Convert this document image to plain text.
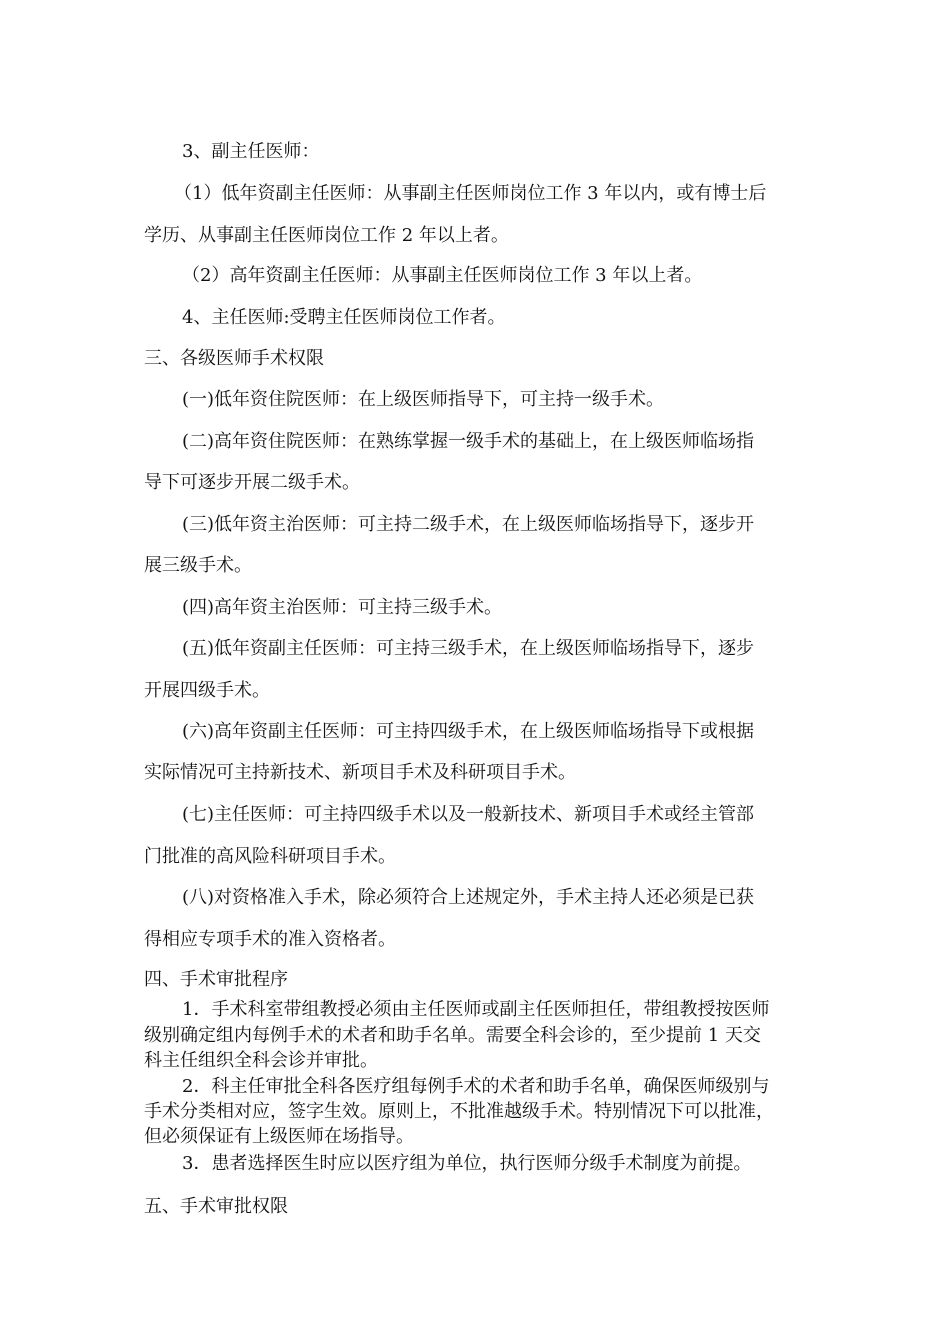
3、副主任医师：
（1）低年资副主任医师：从事副主任医师岗位工作 3 年以内，或有博士后
学历、从事副主任医师岗位工作 2 年以上者。
（2）高年资副主任医师：从事副主任医师岗位工作 3 年以上者。
4、主任医师:受聘主任医师岗位工作者。
三、各级医师手术权限
(一)低年资住院医师：在上级医师指导下，可主持一级手术。
(二)高年资住院医师：在熟练掌握一级手术的基础上，在上级医师临场指
导下可逐步开展二级手术。
(三)低年资主治医师：可主持二级手术，在上级医师临场指导下，逐步开
展三级手术。
(四)高年资主治医师：可主持三级手术。
(五)低年资副主任医师：可主持三级手术，在上级医师临场指导下，逐步
开展四级手术。
(六)高年资副主任医师：可主持四级手术，在上级医师临场指导下或根据
实际情况可主持新技术、新项目手术及科研项目手术。
(七)主任医师：可主持四级手术以及一般新技术、新项目手术或经主管部
门批准的高风险科研项目手术。
(八)对资格准入手术，除必须符合上述规定外，手术主持人还必须是已获
得相应专项手术的准入资格者。
四、手术审批程序
1．手术科室带组教授必须由主任医师或副主任医师担任，带组教授按医师
级别确定组内每例手术的术者和助手名单。需要全科会诊的，至少提前 1 天交
科主任组织全科会诊并审批。
2．科主任审批全科各医疗组每例手术的术者和助手名单，确保医师级别与
手术分类相对应，签字生效。原则上，不批准越级手术。特别情况下可以批准，
但必须保证有上级医师在场指导。
3．患者选择医生时应以医疗组为单位，执行医师分级手术制度为前提。
五、手术审批权限
